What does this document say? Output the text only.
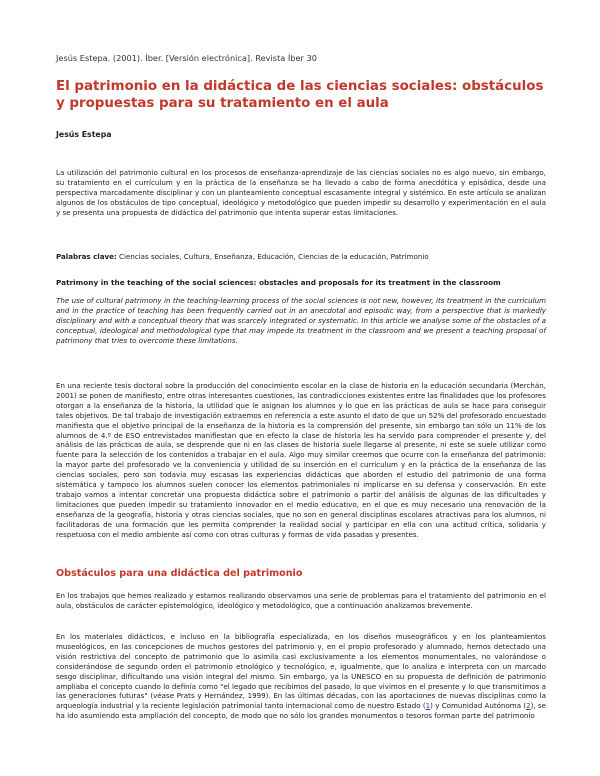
Jesús Estepa. (2001). Íber. [Versión electrónica]. Revista Íber 30
El patrimonio en la didáctica de las ciencias sociales: obstáculos y propuestas para su tratamiento en el aula
Jesús Estepa

La utilización del patrimonio cultural en los procesos de enseñanza-aprendizaje de las ciencias sociales no es algo nuevo, sin embargo, su tratamiento en el currículum y en la práctica de la enseñanza se ha llevado a cabo de forma anecdótica y episódica, desde una perspectiva marcadamente disciplinar y con un planteamiento conceptual escasamente integral y sistémico. En este artículo se analizan algunos de los obstáculos de tipo conceptual, ideológico y metodológico que pueden impedir su desarrollo y experimentación en el aula y se presenta una propuesta de didáctica del patrimonio que intenta superar estas limitaciones.

Palabras clave: Ciencias sociales, Cultura, Enseñanza, Educación, Ciencias de la educación, Patrimonio

Patrimony in the teaching of the social sciences: obstacles and proposals for its treatment in the classroom

The use of cultural patrimony in the teaching-learning process of the social sciences is not new, however, its treatment in the curriculum and in the practice of teaching has been frequently carried out in an anecdotal and episodic way, from a perspective that is markedly disciplinary and with a conceptual theory that was scarcely integrated or systematic. In this article we analyse some of the obstacles of a conceptual, ideological and methodological type that may impede its treatment in the classroom and we present a teaching proposal of patrimony that tries to overcome these limitations.

En una reciente tesis doctoral sobre la producción del conocimiento escolar en la clase de historia en la educación secundaria (Merchán, 2001) se ponen de manifiesto, entre otras interesantes cuestiones, las contradicciones existentes entre las finalidades que los profesores otorgan a la enseñanza de la historia, la utilidad que le asignan los alumnos y lo que en las prácticas de aula se hace para conseguir tales objetivos. De tal trabajo de investigación extraemos en referencia a este asunto el dato de que un 52% del profesorado encuestado manifiesta que el objetivo principal de la enseñanza de la historia es la comprensión del presente, sin embargo tan sólo un 11% de los alumnos de 4.º de ESO entrevistados manifiestan que en efecto la clase de historia les ha servido para comprender el presente y, del análisis de las prácticas de aula, se desprende que ni en las clases de historia suele llegarse al presente, ni este se suele utilizar como fuente para la selección de los contenidos a trabajar en el aula. Algo muy similar creemos que ocurre con la enseñanza del patrimonio: la mayor parte del profesorado ve la conveniencia y utilidad de su inserción en el currículum y en la práctica de la enseñanza de las ciencias sociales, pero son todavía muy escasas las experiencias didácticas que aborden el estudio del patrimonio de una forma sistemática y tampoco los alumnos suelen conocer los elementos patrimoniales ni implicarse en su defensa y conservación. En este trabajo vamos a intentar concretar una propuesta didáctica sobre el patrimonio a partir del análisis de algunas de las dificultades y limitaciones que pueden impedir su tratamiento innovador en el medio educativo, en el que es muy necesario una renovación de la enseñanza de la geografía, historia y otras ciencias sociales, que no son en general disciplinas escolares atractivas para los alumnos, ni facilitadoras de una formación que les permita comprender la realidad social y participar en ella con una actitud crítica, solidaria y respetuosa con el medio ambiente así como con otras culturas y formas de vida pasadas y presentes.

Obstáculos para una didáctica del patrimonio

En los trabajos que hemos realizado y estamos realizando observamos una serie de problemas para el tratamiento del patrimonio en el aula, obstáculos de carácter epistemológico, ideológico y metodológico, que a continuación analizamos brevemente.

En los materiales didácticos, e incluso en la bibliografía especializada, en los diseños museográficos y en los planteamientos museológicos, en las concepciones de muchos gestores del patrimonio y, en el propio profesorado y alumnado, hemos detectado una visión restrictiva del concepto de patrimonio que lo asimila casi exclusivamente a los elementos monumentales, no valorándose o considerándose de segundo orden el patrimonio etnológico y tecnológico, e, igualmente, que lo analiza e interpreta con un marcado sesgo disciplinar, dificultando una visión integral del mismo. Sin embargo, ya la UNESCO en su propuesta de definición de patrimonio ampliaba el concepto cuando lo definía como "el legado que recibimos del pasado, lo que vivimos en el presente y lo que transmitimos a las generaciones futuras" (véase Prats y Hernández, 1999). En las últimas décadas, con las aportaciones de nuevas disciplinas como la arqueología industrial y la reciente legislación patrimonial tanto internacional como de nuestro Estado (1) y Comunidad Autónoma (2), se ha ido asumiendo esta ampliación del concepto, de modo que no sólo los grandes monumentos o tesoros forman parte del patrimonio
